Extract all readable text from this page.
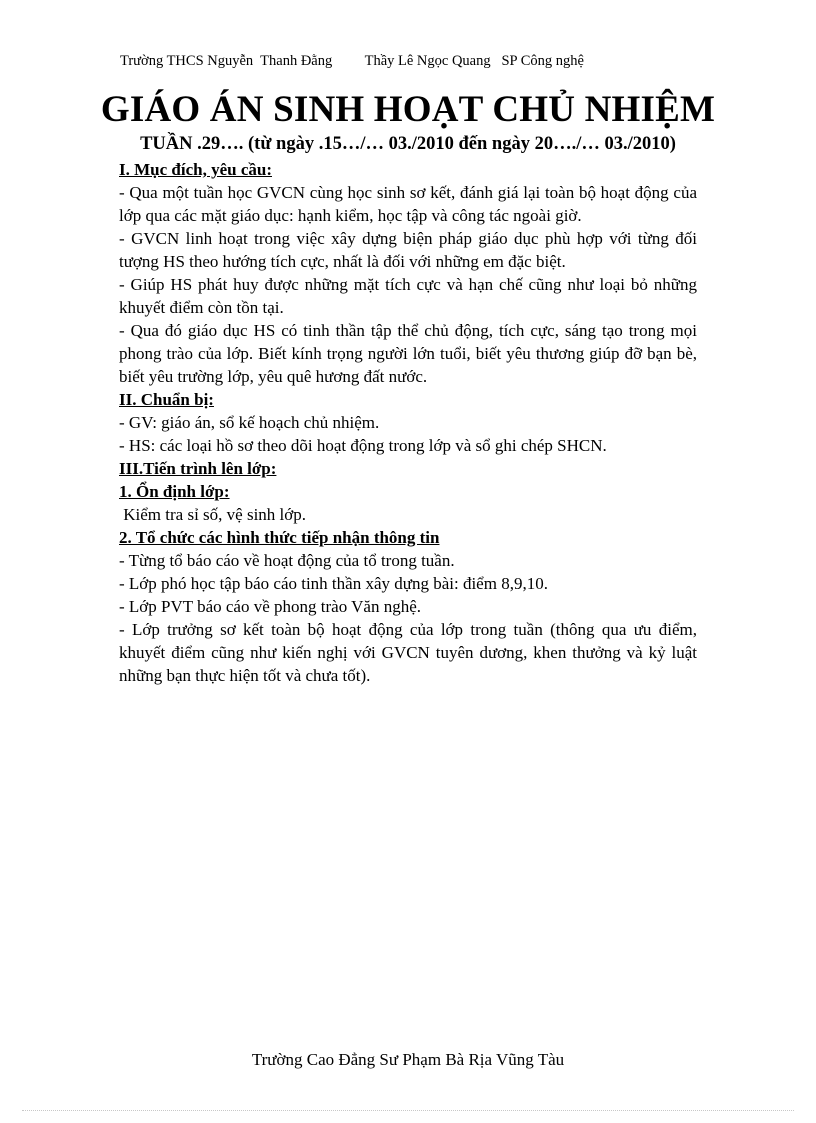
Trường THCS Nguyễn  Thanh Đằng         Thầy Lê Ngọc Quang   SP Công nghệ
GIÁO ÁN SINH HOẠT CHỦ NHIỆM
TUẦN .29…. (từ ngày .15…/… 03./2010 đến ngày 20…./… 03./2010)

I. Mục đích, yêu cầu:

- Qua một tuần học GVCN cùng học sinh sơ kết, đánh giá lại toàn bộ hoạt động của lớp qua các mặt giáo dục: hạnh kiểm, học tập và công tác ngoài giờ.

- GVCN linh hoạt trong việc xây dựng biện pháp giáo dục phù hợp với từng đối tượng HS theo hướng tích cực, nhất là đối với những em đặc biệt.

- Giúp HS phát huy được những mặt tích cực và hạn chế cũng như loại bỏ những khuyết điểm còn tồn tại.

- Qua đó giáo dục HS có tinh thần tập thể chủ động, tích cực, sáng tạo trong mọi phong trào của lớp. Biết kính trọng người lớn tuổi, biết yêu thương giúp đỡ bạn bè, biết yêu trường lớp, yêu quê hương đất nước.

II. Chuẩn bị:

- GV: giáo án, sổ kế hoạch chủ nhiệm.

- HS: các loại hồ sơ theo dõi hoạt động trong lớp và sổ ghi chép SHCN.

III.Tiến trình lên lớp:

1. Ổn định lớp:

Kiểm tra sỉ số, vệ sinh lớp.

2. Tổ chức các hình thức tiếp nhận thông tin

- Từng tổ báo cáo về hoạt động của tổ trong tuần.

- Lớp phó học tập báo cáo tinh thần xây dựng bài: điểm 8,9,10.

- Lớp PVT báo cáo về phong trào Văn nghệ.

- Lớp trưởng sơ kết toàn bộ hoạt động của lớp trong tuần (thông qua ưu điểm, khuyết điểm cũng như kiến nghị với GVCN tuyên dương, khen thưởng và kỷ luật những bạn thực hiện tốt và chưa tốt).

Trường Cao Đẳng Sư Phạm Bà Rịa Vũng Tàu
